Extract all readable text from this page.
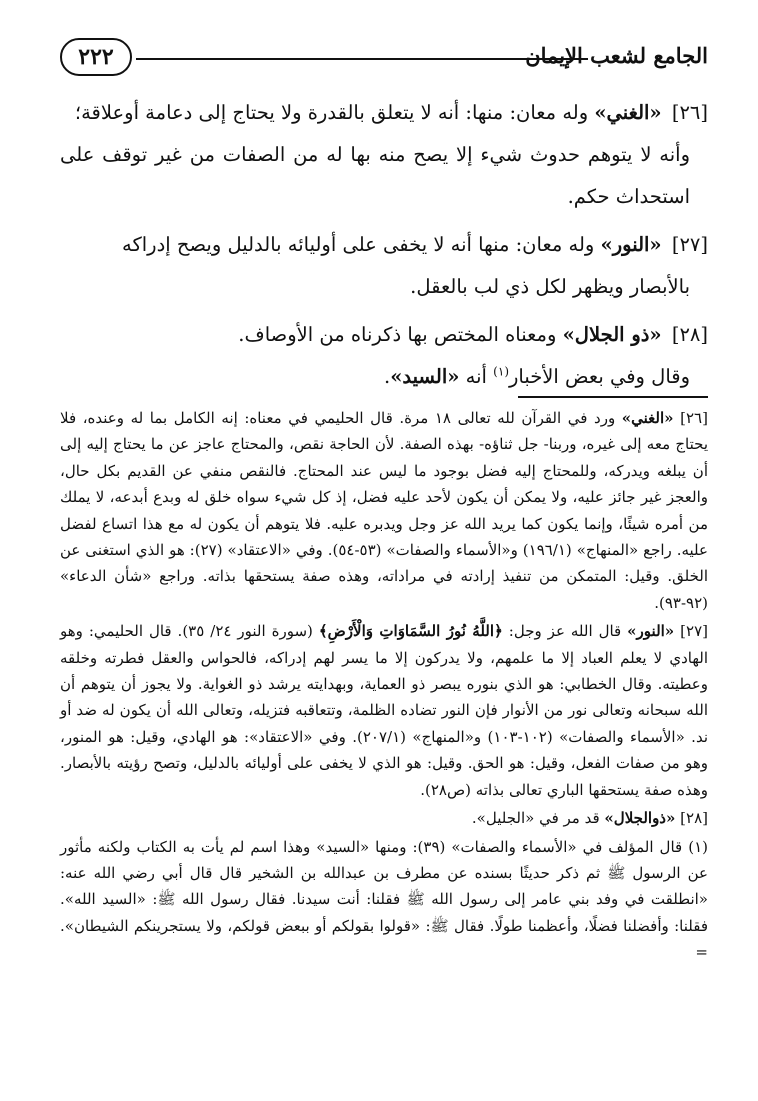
٢٢٢	الجامع لشعب الإيمان
[٢٦] «الغني» وله معان: منها: أنه لا يتعلق بالقدرة ولا يحتاج إلى دعامة أوعلاقة؛
وأنه لا يتوهم حدوث شيء إلا يصح منه بها له من الصفات من غير توقف على استحداث حكم.
[٢٧] «النور» وله معان: منها أنه لا يخفى على أوليائه بالدليل ويصح إدراكه
بالأبصار ويظهر لكل ذي لب بالعقل.
[٢٨] «ذو الجلال» ومعناه المختص بها ذكرناه من الأوصاف.
وقال وفي بعض الأخبار$^{(١)}$ أنه «السيد».

[٢٦] «الغني» ورد في القرآن لله تعالى ١٨ مرة. قال الحليمي في معناه: إنه الكامل بما له وعنده، فلا يحتاج معه إلى غيره، وربنا- جل ثناؤه- بهذه الصفة. لأن الحاجة نقص، والمحتاج عاجز عن ما يحتاج إليه إلى أن يبلغه ويدركه، وللمحتاج إليه فضل بوجود ما ليس عند المحتاج. فالنقص منفي عن القديم بكل حال، والعجز غير جائز عليه، ولا يمكن أن يكون لأحد عليه فضل، إذ كل شيء سواه خلق له وبدع أبدعه، لا يملك من أمره شيئًا، وإنما يكون كما يريد الله عز وجل ويدبره عليه. فلا يتوهم أن يكون له مع هذا اتساع لفضل عليه. راجع «المنهاج» (١٩٦/١) و«الأسماء والصفات» (٥٣-٥٤). وفي «الاعتقاد» (٢٧): هو الذي استغنى عن الخلق. وقيل: المتمكن من تنفيذ إرادته في مراداته، وهذه صفة يستحقها بذاته. وراجع «شأن الدعاء» (٩٢-٩٣).

[٢٧] «النور» قال الله عز وجل: ﴿اللَّهُ نُورُ السَّمَاوَاتِ وَالْأَرْضِ﴾ (سورة النور ٢٤/ ٣٥). قال الحليمي: وهو الهادي لا يعلم العباد إلا ما علمهم، ولا يدركون إلا ما يسر لهم إدراكه، فالحواس والعقل فطرته وخلقه وعطيته. وقال الخطابي: هو الذي بنوره يبصر ذو العماية، وبهدايته يرشد ذو الغواية. ولا يجوز أن يتوهم أن الله سبحانه وتعالى نور من الأنوار فإن النور تضاده الظلمة، وتتعاقبه فتزيله، وتعالى الله أن يكون له ضد أو ند. «الأسماء والصفات» (١٠٢-١٠٣) و«المنهاج» (٢٠٧/١). وفي «الاعتقاد»: هو الهادي، وقيل: هو المنور، وهو من صفات الفعل، وقيل: هو الحق. وقيل: هو الذي لا يخفى على أوليائه بالدليل، وتصح رؤيته بالأبصار. وهذه صفة يستحقها الباري تعالى بذاته (ص٢٨).

[٢٨] «ذوالجلال» قد مر في «الجليل».

(١) قال المؤلف في «الأسماء والصفات» (٣٩): ومنها «السيد» وهذا اسم لم يأت به الكتاب ولكنه مأثور عن الرسول ﷺ ثم ذكر حديثًا بسنده عن مطرف بن عبدالله بن الشخير قال قال أبي رضي الله عنه: «انطلقت في وفد بني عامر إلى رسول الله ﷺ فقلنا: أنت سيدنا. فقال رسول الله ﷺ: «السيد الله». فقلنا: وأفضلنا فضلًا، وأعظمنا طولًا. فقال ﷺ: «قولوا بقولكم أو ببعض قولكم، ولا يستجرينكم الشيطان». =
